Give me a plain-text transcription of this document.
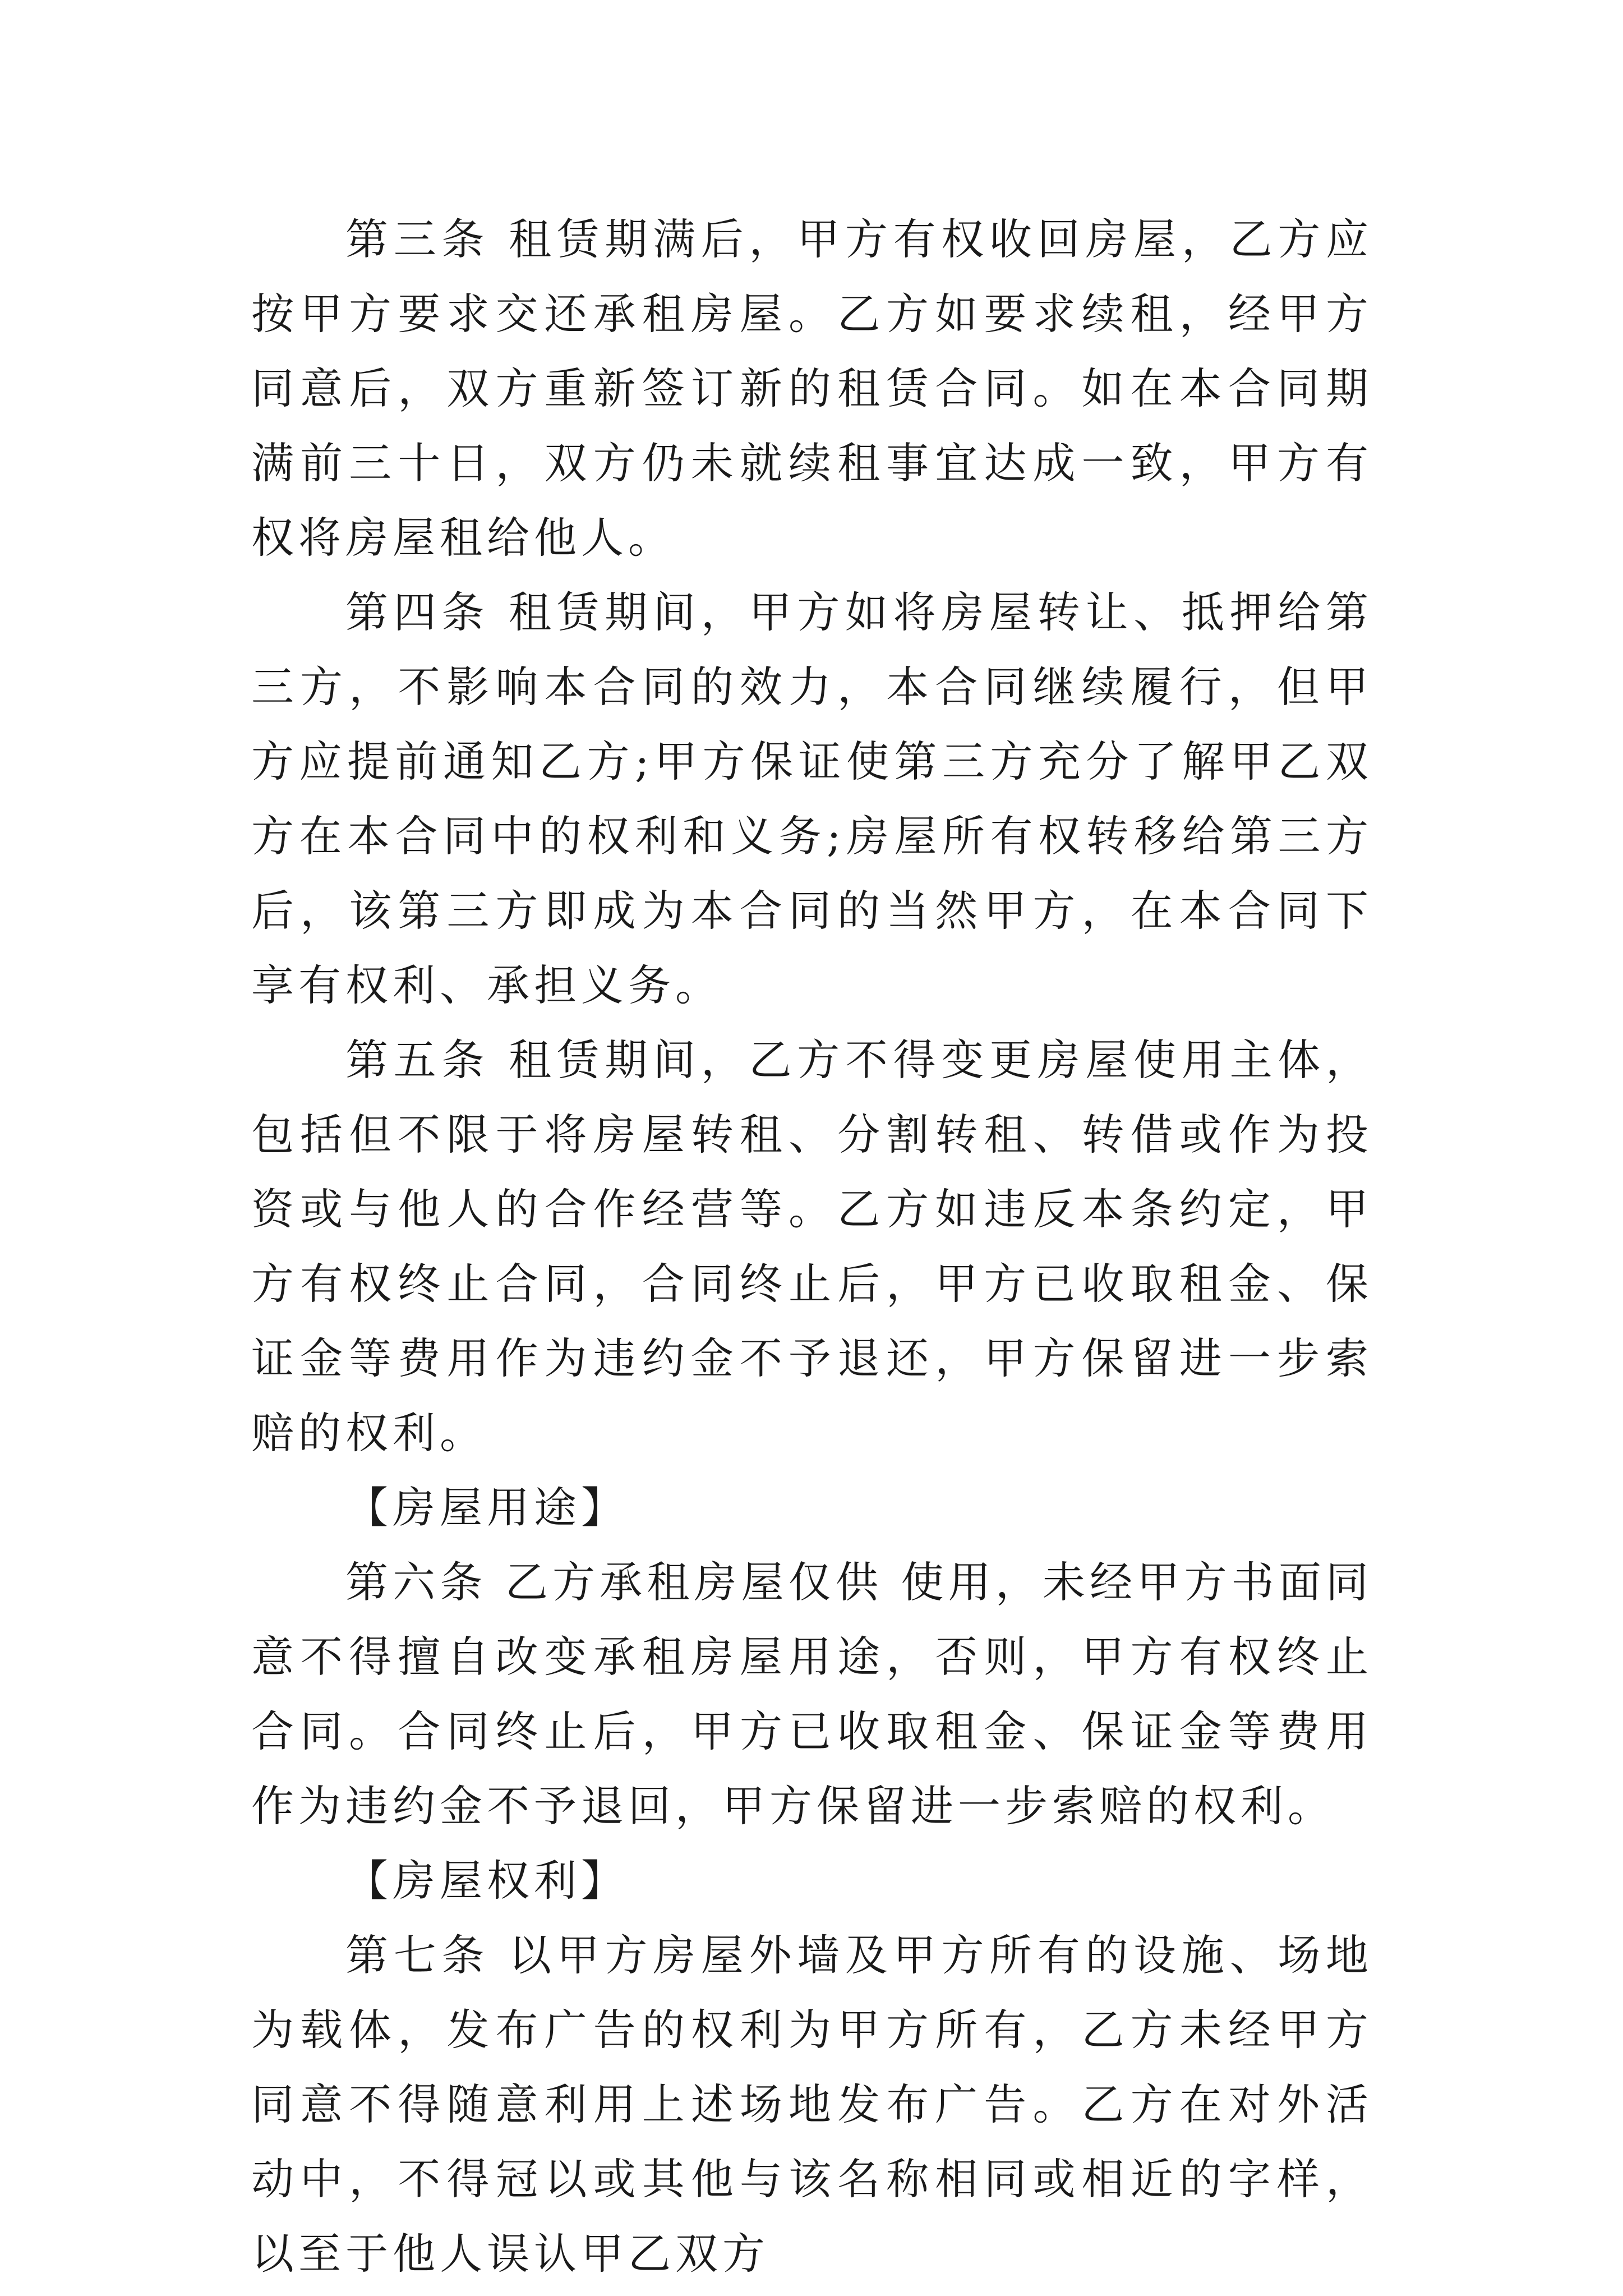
第三条 租赁期满后，甲方有权收回房屋，乙方应按甲方要求交还承租房屋。乙方如要求续租，经甲方同意后，双方重新签订新的租赁合同。如在本合同期满前三十日，双方仍未就续租事宜达成一致，甲方有权将房屋租给他人。

第四条 租赁期间，甲方如将房屋转让、抵押给第三方，不影响本合同的效力，本合同继续履行，但甲方应提前通知乙方;甲方保证使第三方充分了解甲乙双方在本合同中的权利和义务;房屋所有权转移给第三方后，该第三方即成为本合同的当然甲方，在本合同下享有权利、承担义务。

第五条 租赁期间，乙方不得变更房屋使用主体，包括但不限于将房屋转租、分割转租、转借或作为投资或与他人的合作经营等。乙方如违反本条约定，甲方有权终止合同，合同终止后，甲方已收取租金、保证金等费用作为违约金不予退还，甲方保留进一步索赔的权利。

【房屋用途】

第六条 乙方承租房屋仅供 使用，未经甲方书面同意不得擅自改变承租房屋用途，否则，甲方有权终止合同。合同终止后，甲方已收取租金、保证金等费用作为违约金不予退回，甲方保留进一步索赔的权利。

【房屋权利】

第七条 以甲方房屋外墙及甲方所有的设施、场地为载体，发布广告的权利为甲方所有，乙方未经甲方同意不得随意利用上述场地发布广告。乙方在对外活动中，不得冠以或其他与该名称相同或相近的字样，以至于他人误认甲乙双方
